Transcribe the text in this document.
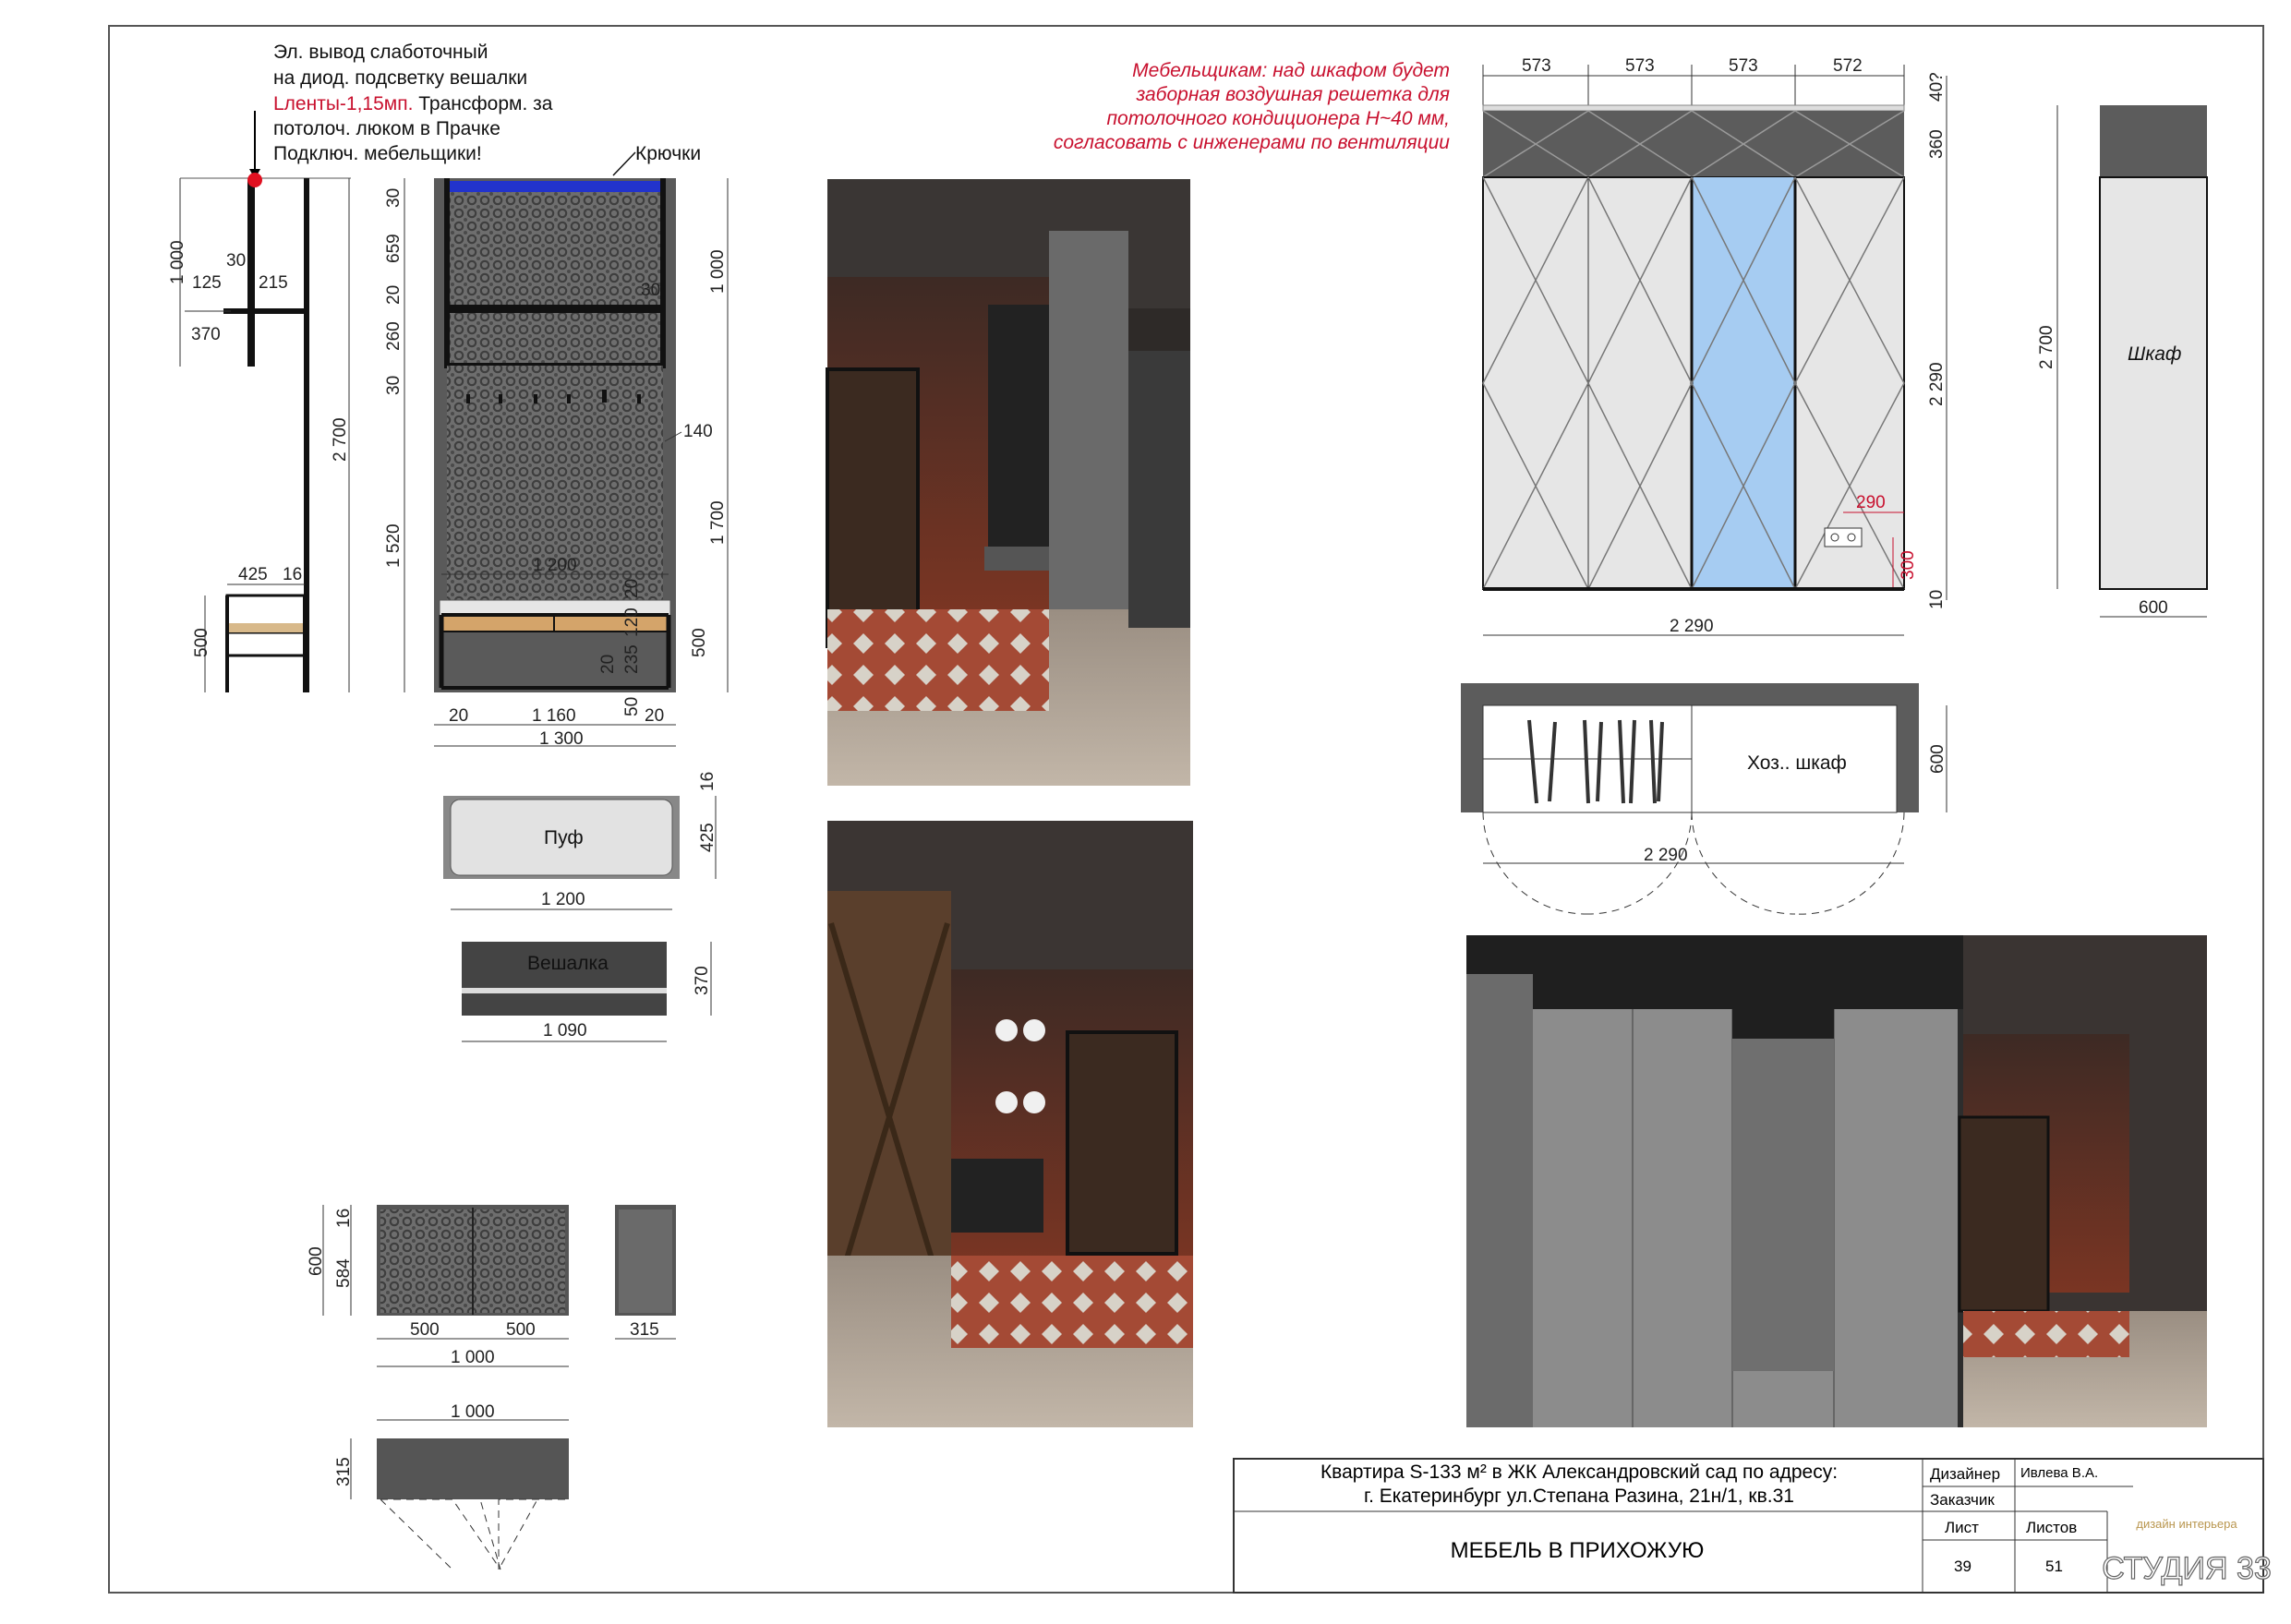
Эл. вывод слаботочный
на диод. подсветку вешалки
Lленты-1,15мп. Трансформ. за
потолоч. люком в Прачке
Подключ. мебельщики!
1 000 30
125 215
370
2 700
425 16
500
Крючки
30
659
20
260
30
1 520
1 000
1 700
500
30
140
1 200
20
120
235
20
50
20	1 160	20
1 300
Пуф
16
425
1 200
Вешалка
370
1 090
16
584
600
500	500
1 000
315
1 000
315
Мебельщикам: над шкафом будет
заборная воздушная решетка для
потолочного кондиционера Н~40 мм,
согласовать с инженерами по вентиляции
573	573	573	572
290
300
2 290
40?
360
2 290
10
Шкаф
2 700
600
Хоз.. шкаф
2 290
600
Квартира S-133 м² в ЖК Александровский сад по адресу:
г. Екатеринбург ул.Степана Разина, 21н/1, кв.31
МЕБЕЛЬ В ПРИХОЖУЮ
Дизайнер Ивлева В.А.
Заказчик
Лист	Листов
39	51
дизайн интерьера
СТУДИЯ 33
